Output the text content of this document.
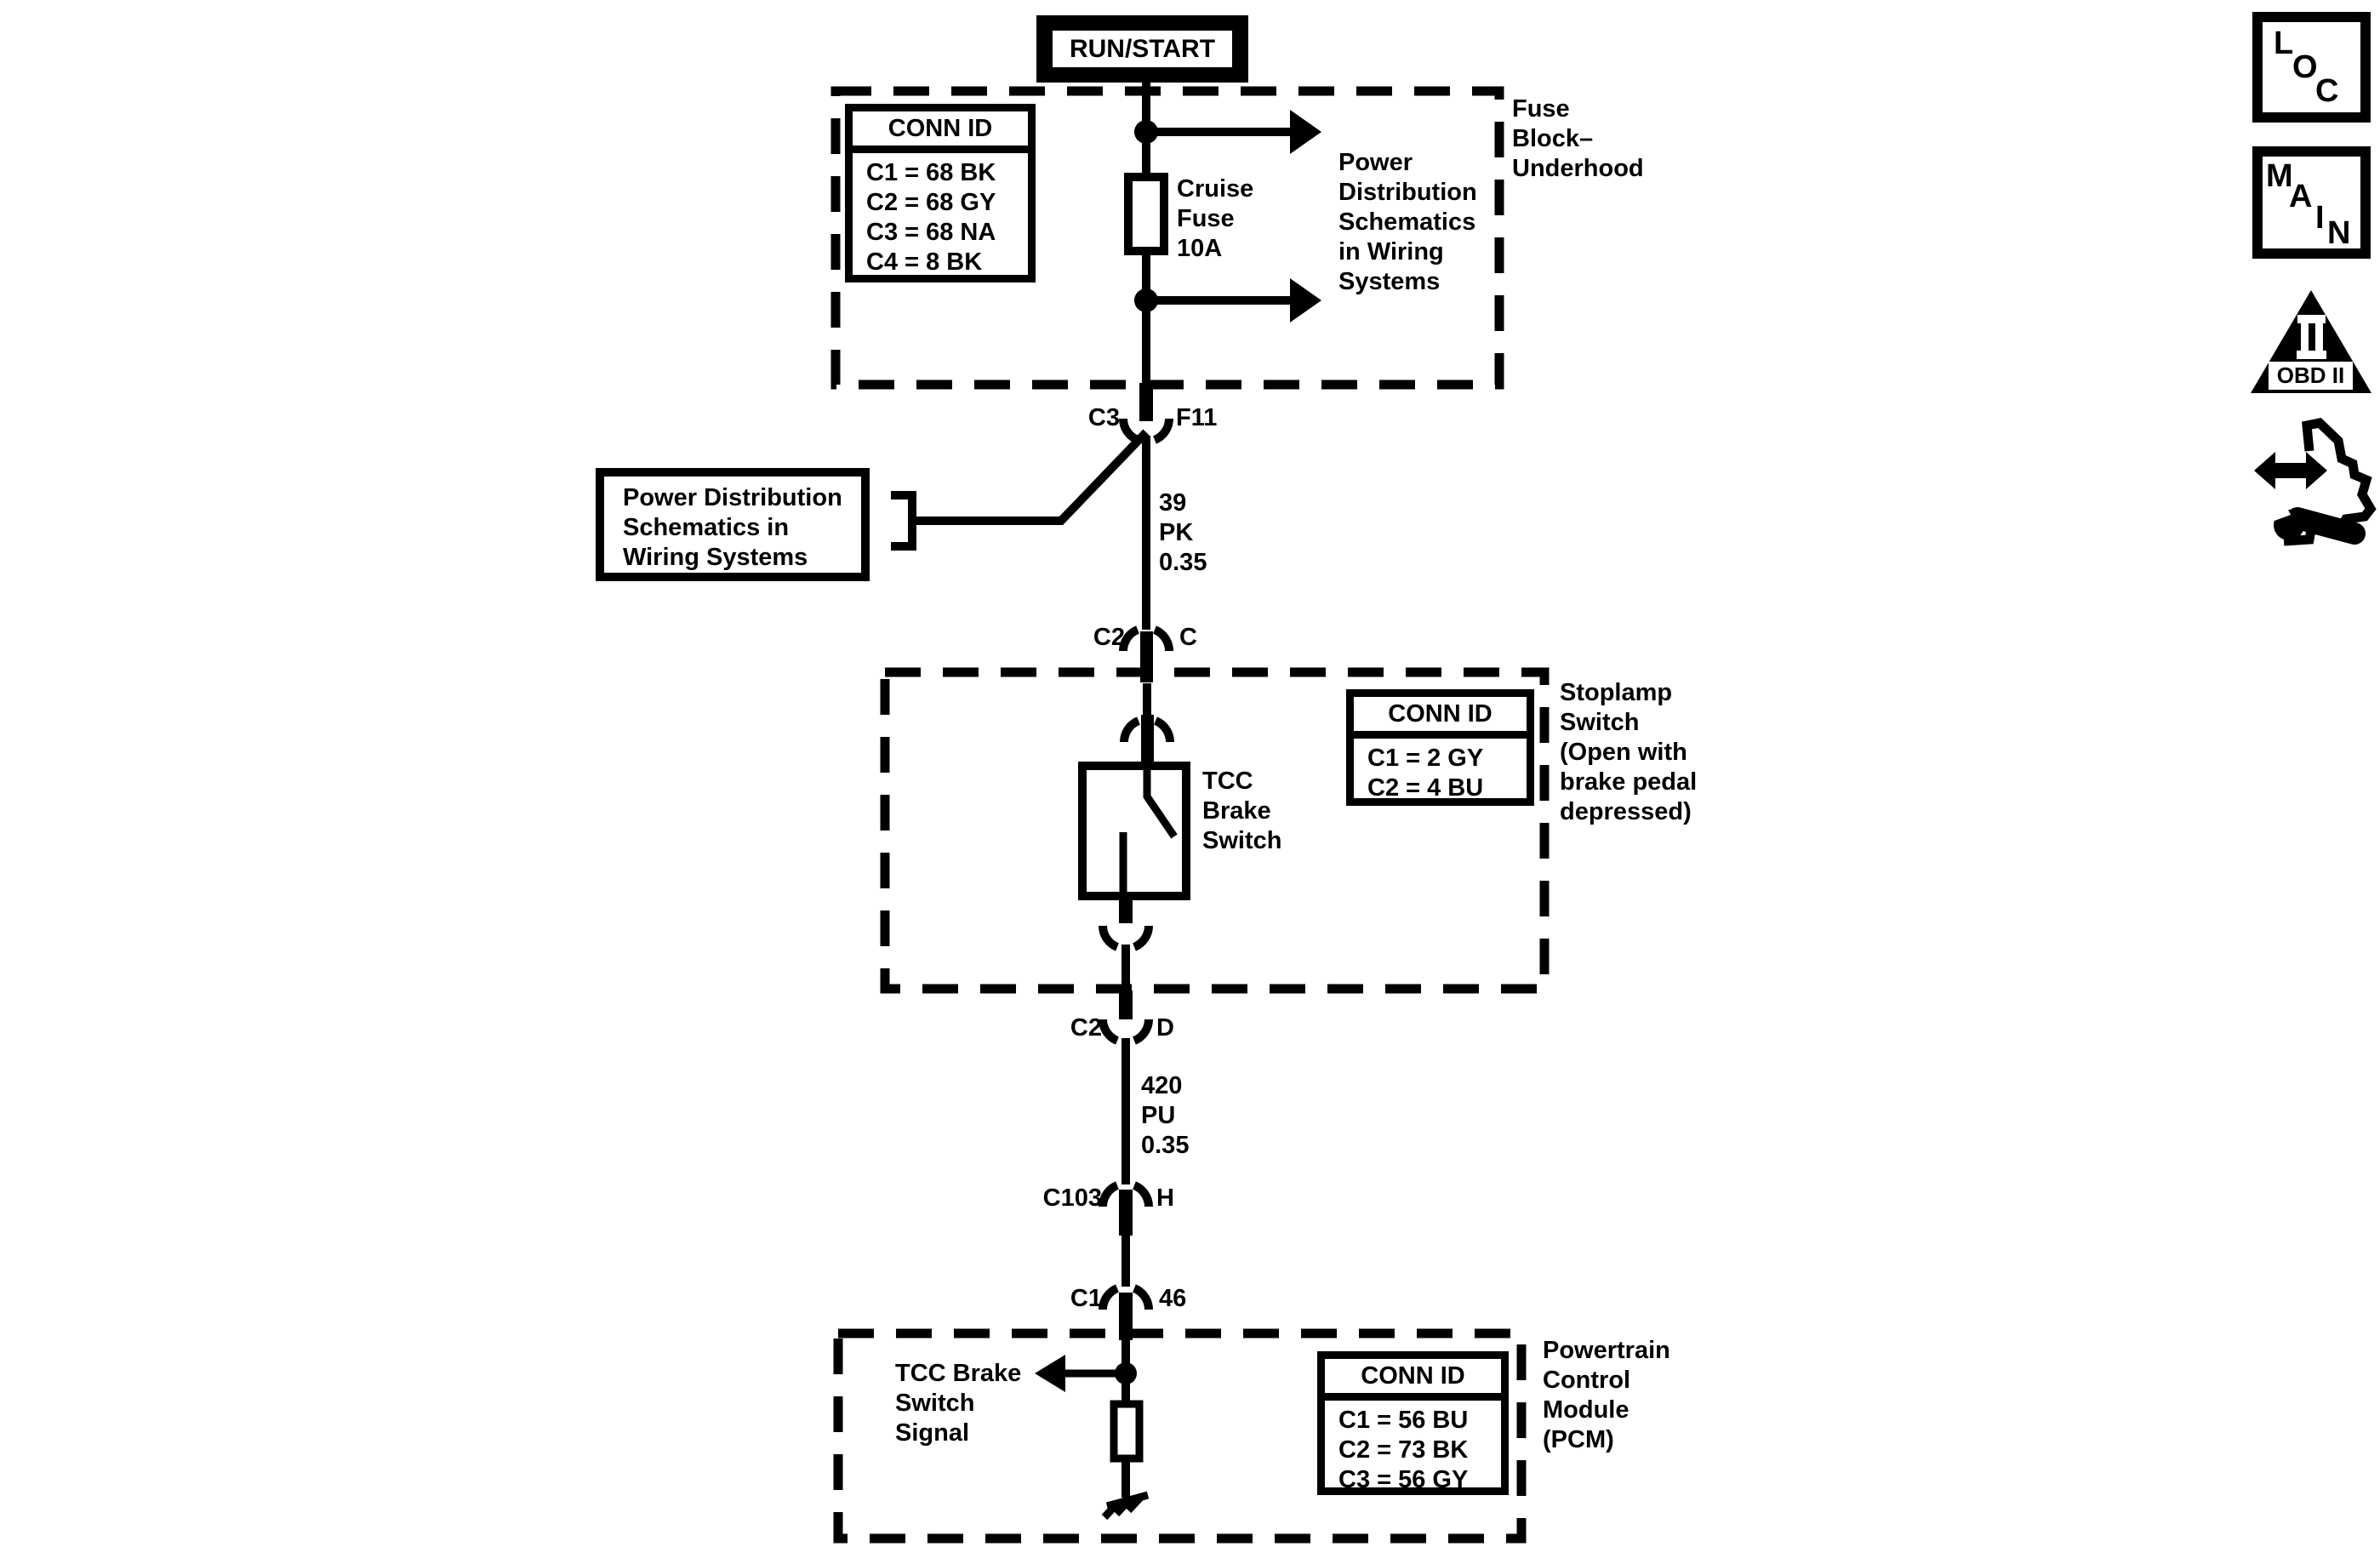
RUN/START
CONN ID
C1 = 68 BK
C2 = 68 GY
C3 = 68 NA
C4 = 8 BK
Cruise
Fuse
10A
Power
Distribution
Schematics
in Wiring
Systems
Fuse
Block–
Underhood
C3 F11
39
PK
0.35
Power Distribution
Schematics in
Wiring Systems
C2 C
CONN ID
C1 = 2 GY
C2 = 4 BU
Stoplamp
Switch
(Open with
brake pedal
depressed)
TCC
Brake
Switch
C2 D
420
PU
0.35
C103 H
C1 46
TCC Brake
Switch
Signal
CONN ID
C1 = 56 BU
C2 = 73 BK
C3 = 56 GY
Powertrain
Control
Module
(PCM)
L
O
C
M
A
I N
OBD II
